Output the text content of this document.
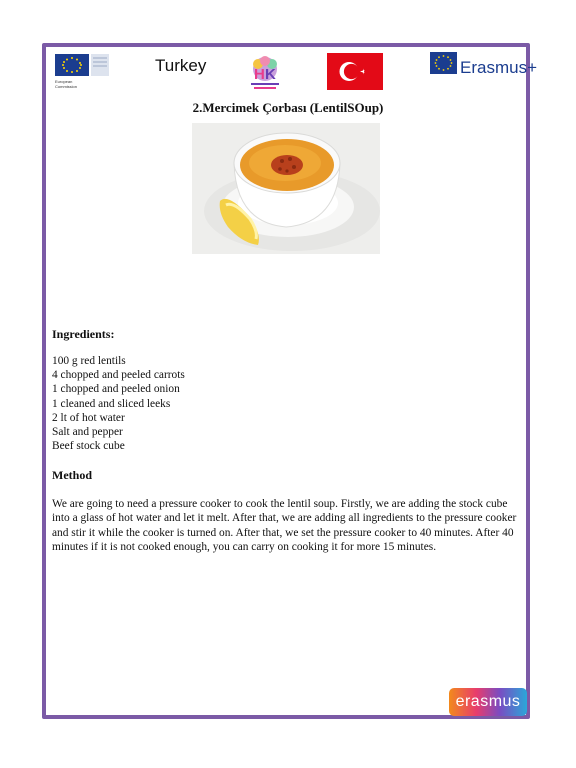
European
Commission
Turkey	H K	Erasmus+
2.Mercimek Çorbası (LentilSOup)
Ingredients:
100 g red lentils
4 chopped and peeled carrots
1 chopped and peeled onion
1 cleaned and sliced leeks
2 lt of hot water
Salt and pepper
Beef stock cube
Method

We are going to need a pressure cooker to cook the lentil soup. Firstly, we are adding the stock cube into a glass of hot water and let it melt. After that, we are adding all ingredients to the pressure cooker and stir it while the cooker is turned on. After that, we set the pressure cooker to 40 minutes. After 40 minutes if it is not cooked enough, you can carry on cooking it for more 15 minutes.

erasmus
